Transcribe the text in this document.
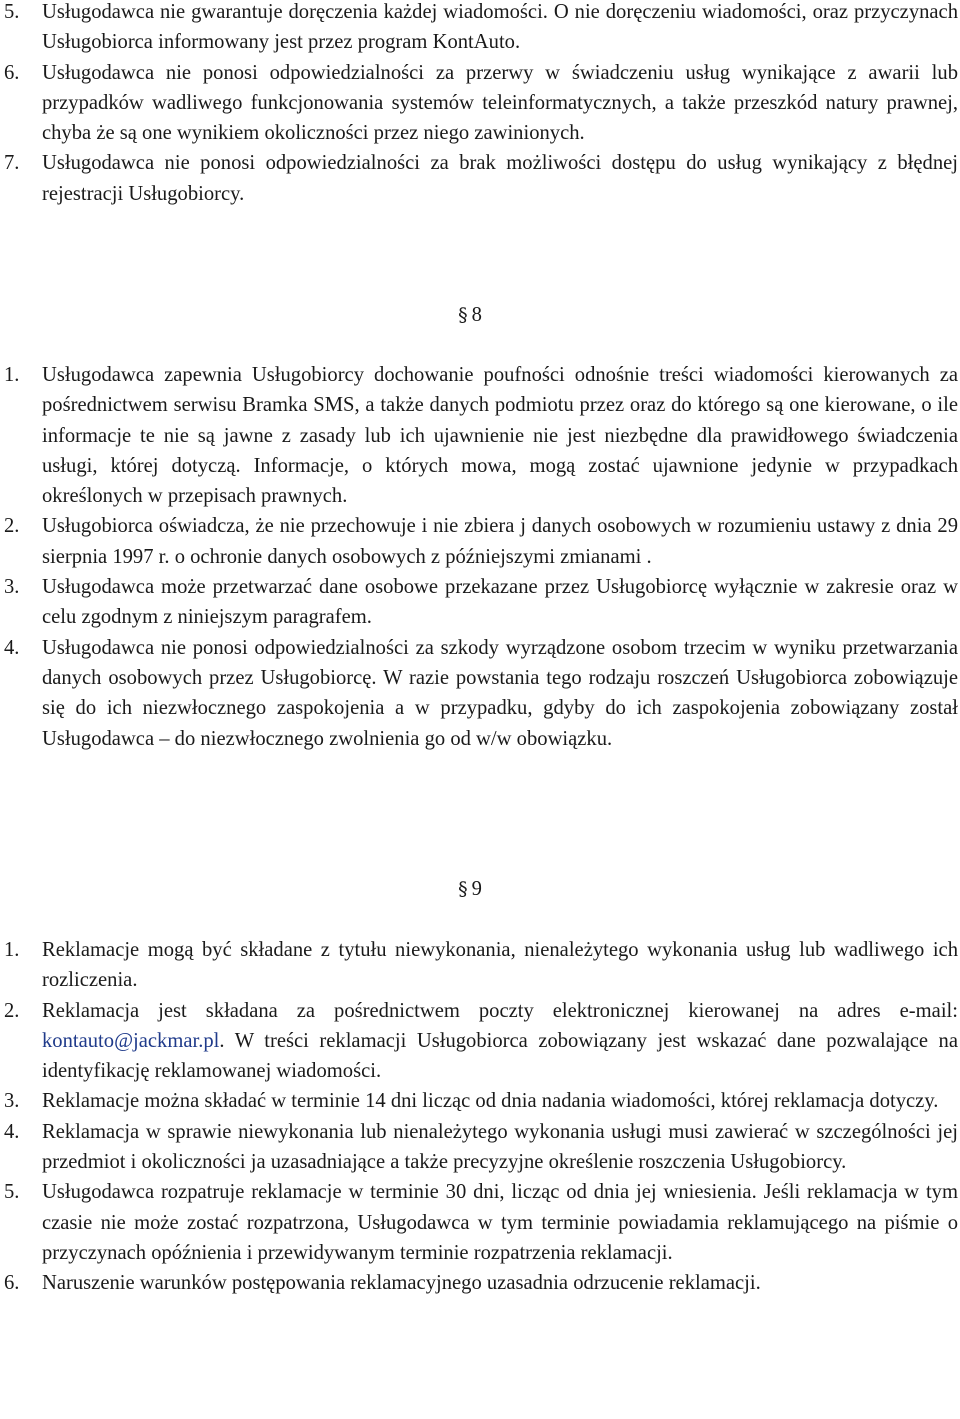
5. Usługodawca nie gwarantuje doręczenia każdej wiadomości. O nie doręczeniu wiadomości, oraz przyczynach Usługobiorca informowany jest przez program KontAuto.
6. Usługodawca nie ponosi odpowiedzialności za przerwy w świadczeniu usług wynikające z awarii lub przypadków wadliwego funkcjonowania systemów teleinformatycznych, a także przeszkód natury prawnej, chyba że są one wynikiem okoliczności przez niego zawinionych.
7. Usługodawca nie ponosi odpowiedzialności za brak możliwości dostępu do usług wynikający z błędnej rejestracji Usługobiorcy.
§ 8
1. Usługodawca zapewnia Usługobiorcy dochowanie poufności odnośnie treści wiadomości kierowanych za pośrednictwem serwisu Bramka SMS, a także danych podmiotu przez oraz do którego są one kierowane, o ile informacje te nie są jawne z zasady lub ich ujawnienie nie jest niezbędne dla prawidłowego świadczenia usługi, której dotyczą. Informacje, o których mowa, mogą zostać ujawnione jedynie w przypadkach określonych w przepisach prawnych.
2. Usługobiorca oświadcza, że nie przechowuje i nie zbiera j danych osobowych w rozumieniu ustawy z dnia 29 sierpnia 1997 r. o ochronie danych osobowych z późniejszymi zmianami .
3. Usługodawca może przetwarzać dane osobowe przekazane przez Usługobiorcę wyłącznie w zakresie oraz w celu zgodnym z niniejszym paragrafem.
4. Usługodawca nie ponosi odpowiedzialności za szkody wyrządzone osobom trzecim w wyniku przetwarzania danych osobowych przez Usługobiorcę. W razie powstania tego rodzaju roszczeń Usługobiorca zobowiązuje się do ich niezwłocznego zaspokojenia a w przypadku, gdyby do ich zaspokojenia zobowiązany został Usługodawca – do niezwłocznego zwolnienia go od w/w obowiązku.
§ 9
1. Reklamacje mogą być składane z tytułu niewykonania, nienależytego wykonania usług lub wadliwego ich rozliczenia.
2. Reklamacja jest składana za pośrednictwem poczty elektronicznej kierowanej na adres e-mail: kontauto@jackmar.pl. W treści reklamacji Usługobiorca zobowiązany jest wskazać dane pozwalające na identyfikację reklamowanej wiadomości.
3. Reklamacje można składać w terminie 14 dni licząc od dnia nadania wiadomości, której reklamacja dotyczy.
4. Reklamacja w sprawie niewykonania lub nienależytego wykonania usługi musi zawierać w szczególności jej przedmiot i okoliczności ja uzasadniające a także precyzyjne określenie roszczenia Usługobiorcy.
5. Usługodawca rozpatruje reklamacje w terminie 30 dni, licząc od dnia jej wniesienia. Jeśli reklamacja w tym czasie nie może zostać rozpatrzona, Usługodawca w tym terminie powiadamia reklamującego na piśmie o przyczynach opóźnienia i przewidywanym terminie rozpatrzenia reklamacji.
6. Naruszenie warunków postępowania reklamacyjnego uzasadnia odrzucenie reklamacji.
